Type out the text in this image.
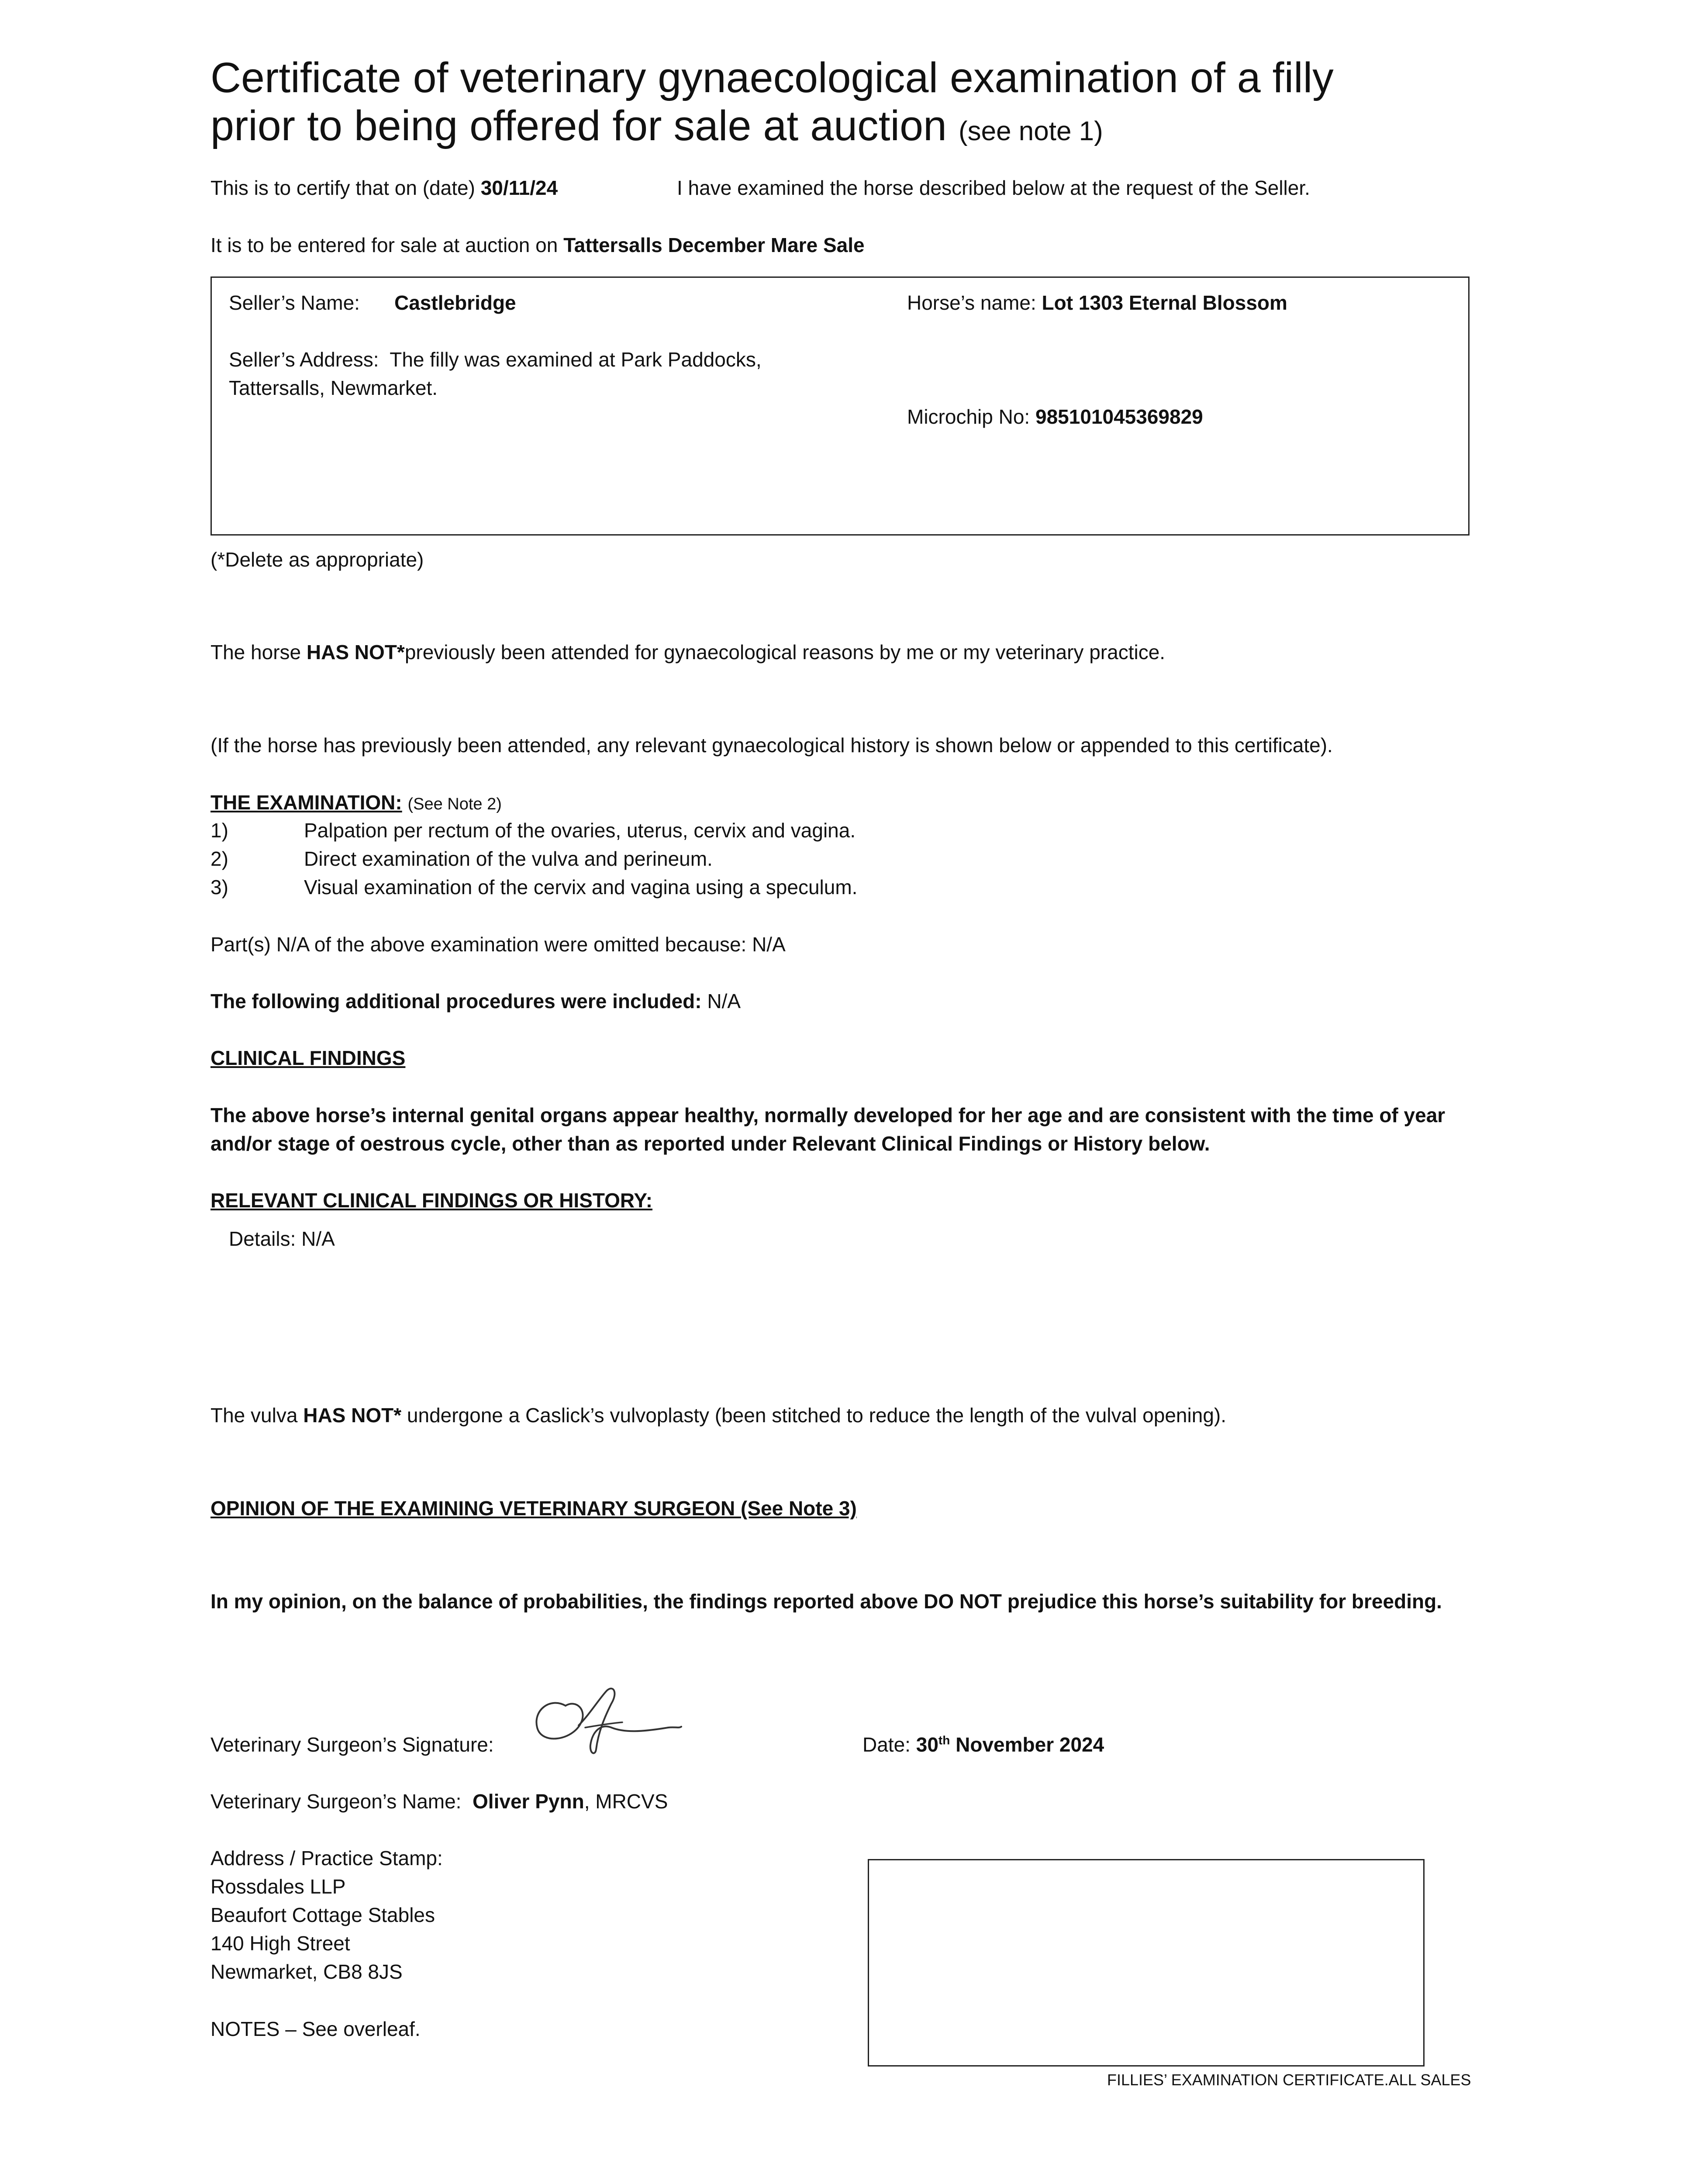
Certificate of veterinary gynaecological examination of a filly
prior to being offered for sale at auction (see note 1)
This is to certify that on (date) 30/11/24	I have examined the horse described below at the request of the Seller.
It is to be entered for sale at auction on Tattersalls December Mare Sale
Seller’s Name: Castlebridge
Seller’s Address: The filly was examined at Park Paddocks,
Tattersalls, Newmarket.
Horse’s name: Lot 1303 Eternal Blossom
Microchip No: 985101045369829
(*Delete as appropriate)
The horse HAS NOT*previously been attended for gynaecological reasons by me or my veterinary practice.
(If the horse has previously been attended, any relevant gynaecological history is shown below or appended to this certificate).
THE EXAMINATION: (See Note 2)
1)	Palpation per rectum of the ovaries, uterus, cervix and vagina.
2)	Direct examination of the vulva and perineum.
3)	Visual examination of the cervix and vagina using a speculum.
Part(s) N/A of the above examination were omitted because: N/A
The following additional procedures were included: N/A
CLINICAL FINDINGS
The above horse’s internal genital organs appear healthy, normally developed for her age and are consistent with the time of year
and/or stage of oestrous cycle, other than as reported under Relevant Clinical Findings or History below.
RELEVANT CLINICAL FINDINGS OR HISTORY:
Details: N/A
The vulva HAS NOT* undergone a Caslick’s vulvoplasty (been stitched to reduce the length of the vulval opening).
OPINION OF THE EXAMINING VETERINARY SURGEON (See Note 3)
In my opinion, on the balance of probabilities, the findings reported above DO NOT prejudice this horse’s suitability for breeding.
Veterinary Surgeon’s Signature:	Date: 30th November 2024
Veterinary Surgeon’s Name: Oliver Pynn, MRCVS
Address / Practice Stamp:
Rossdales LLP
Beaufort Cottage Stables
140 High Street
Newmarket, CB8 8JS
NOTES – See overleaf.
FILLIES’ EXAMINATION CERTIFICATE.ALL SALES
